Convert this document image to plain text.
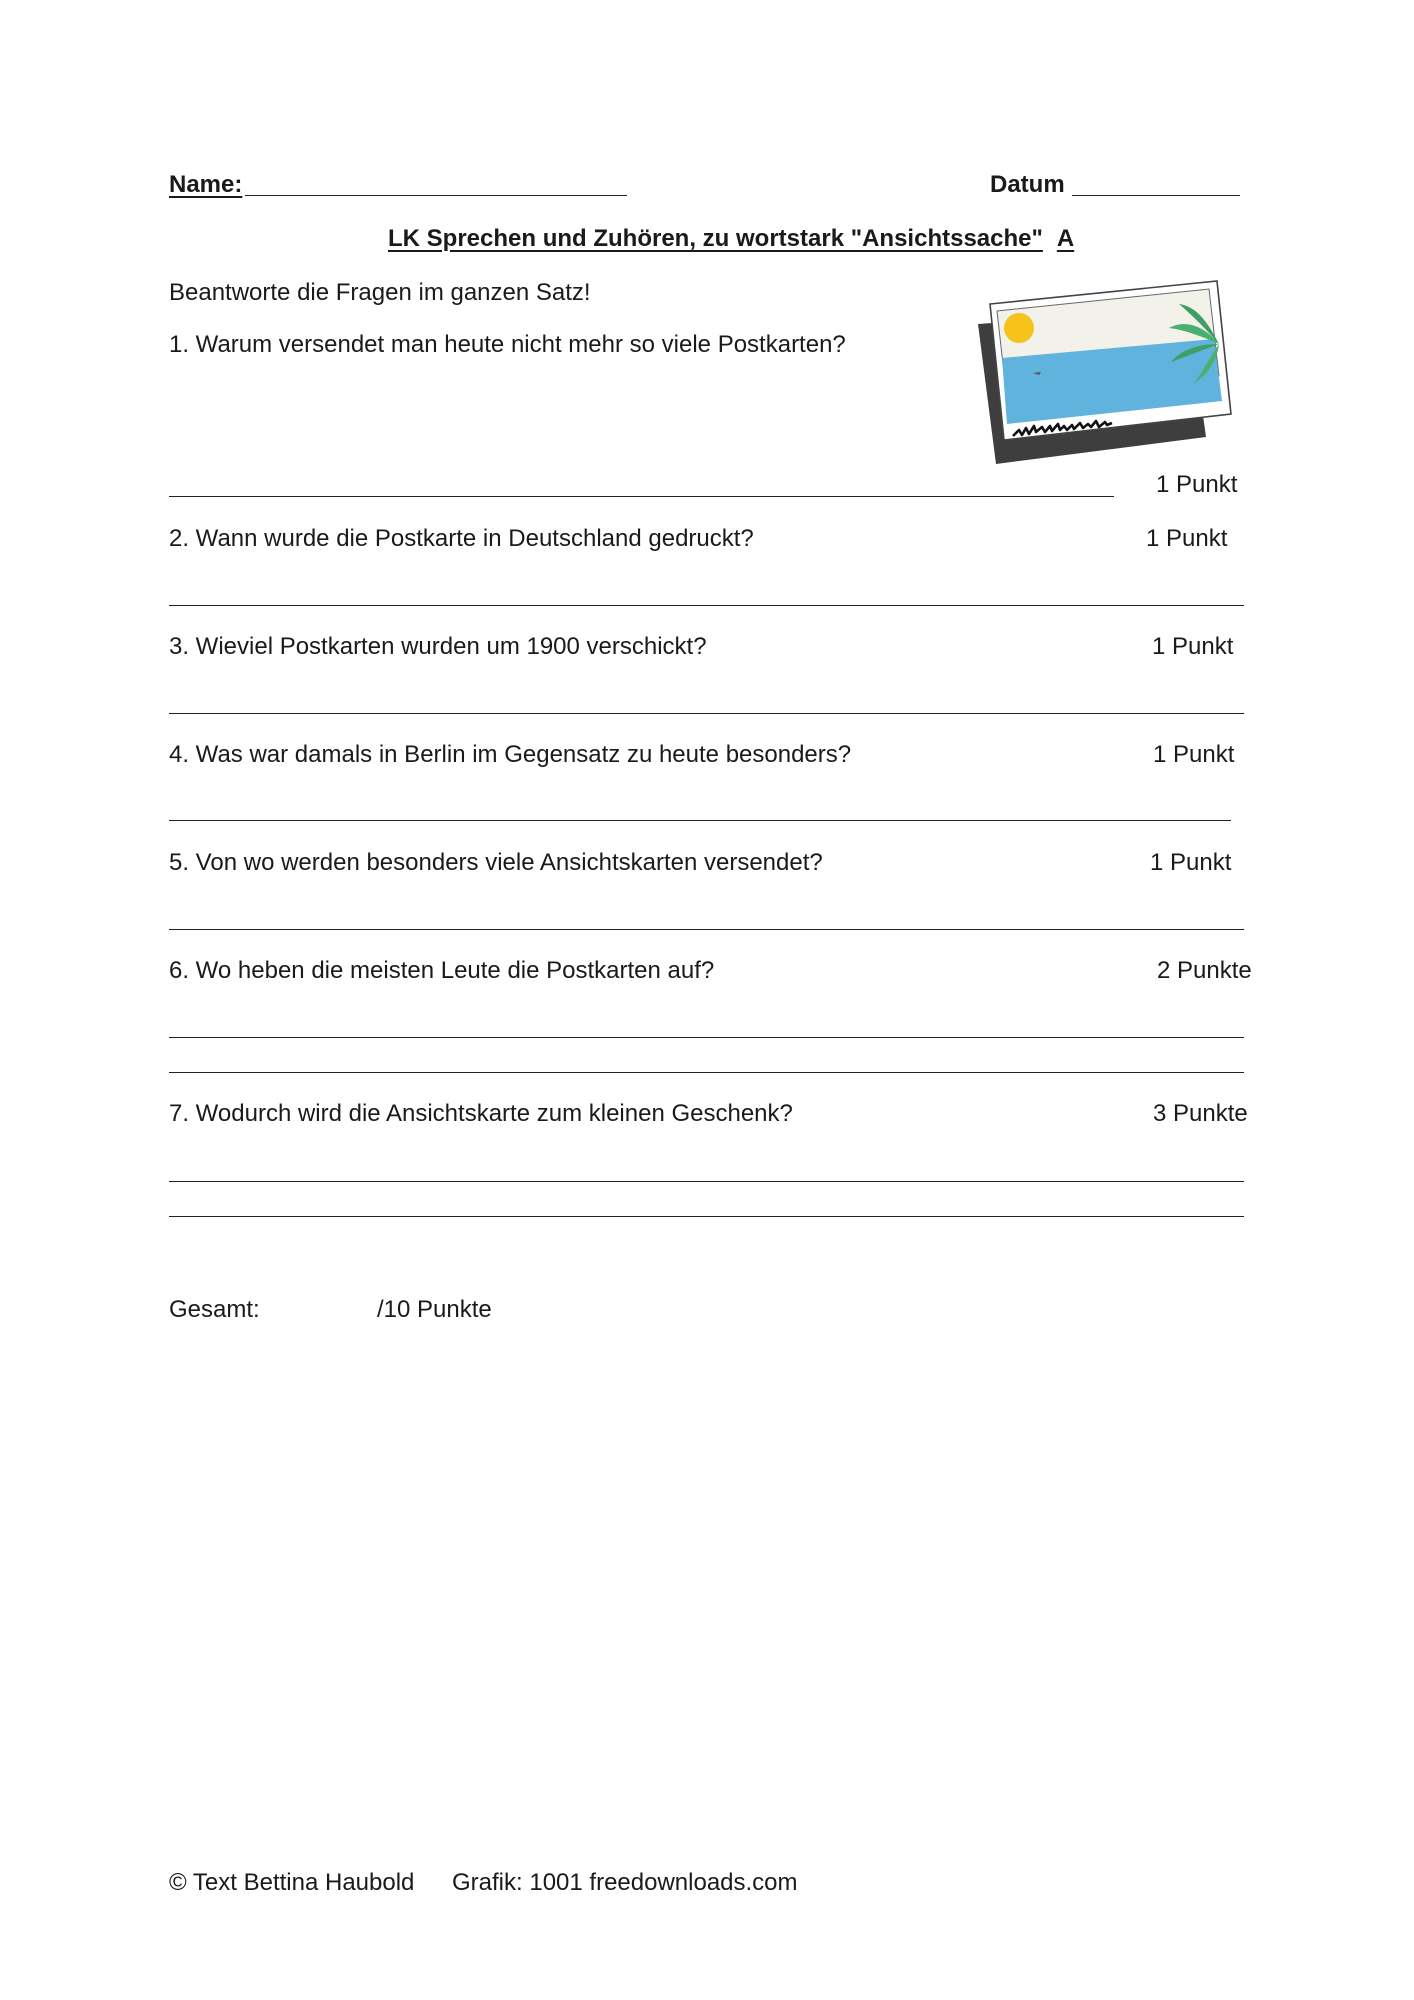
Name:	Datum
LK Sprechen und Zuhören, zu wortstark "Ansichtssache" A
Beantworte die Fragen im ganzen Satz!
1. Warum versendet man heute nicht mehr so viele Postkarten?
1 Punkt
2. Wann wurde die Postkarte in Deutschland gedruckt?	1 Punkt
3. Wieviel Postkarten wurden um 1900 verschickt?	1 Punkt
4. Was war damals in Berlin im Gegensatz zu heute besonders?	1 Punkt
5. Von wo werden besonders viele Ansichtskarten versendet?	1 Punkt
6. Wo heben die meisten Leute die Postkarten auf?	2 Punkte
7. Wodurch wird die Ansichtskarte zum kleinen Geschenk?	3 Punkte
Gesamt:	/10 Punkte
© Text Bettina Haubold Grafik: 1001 freedownloads.com
